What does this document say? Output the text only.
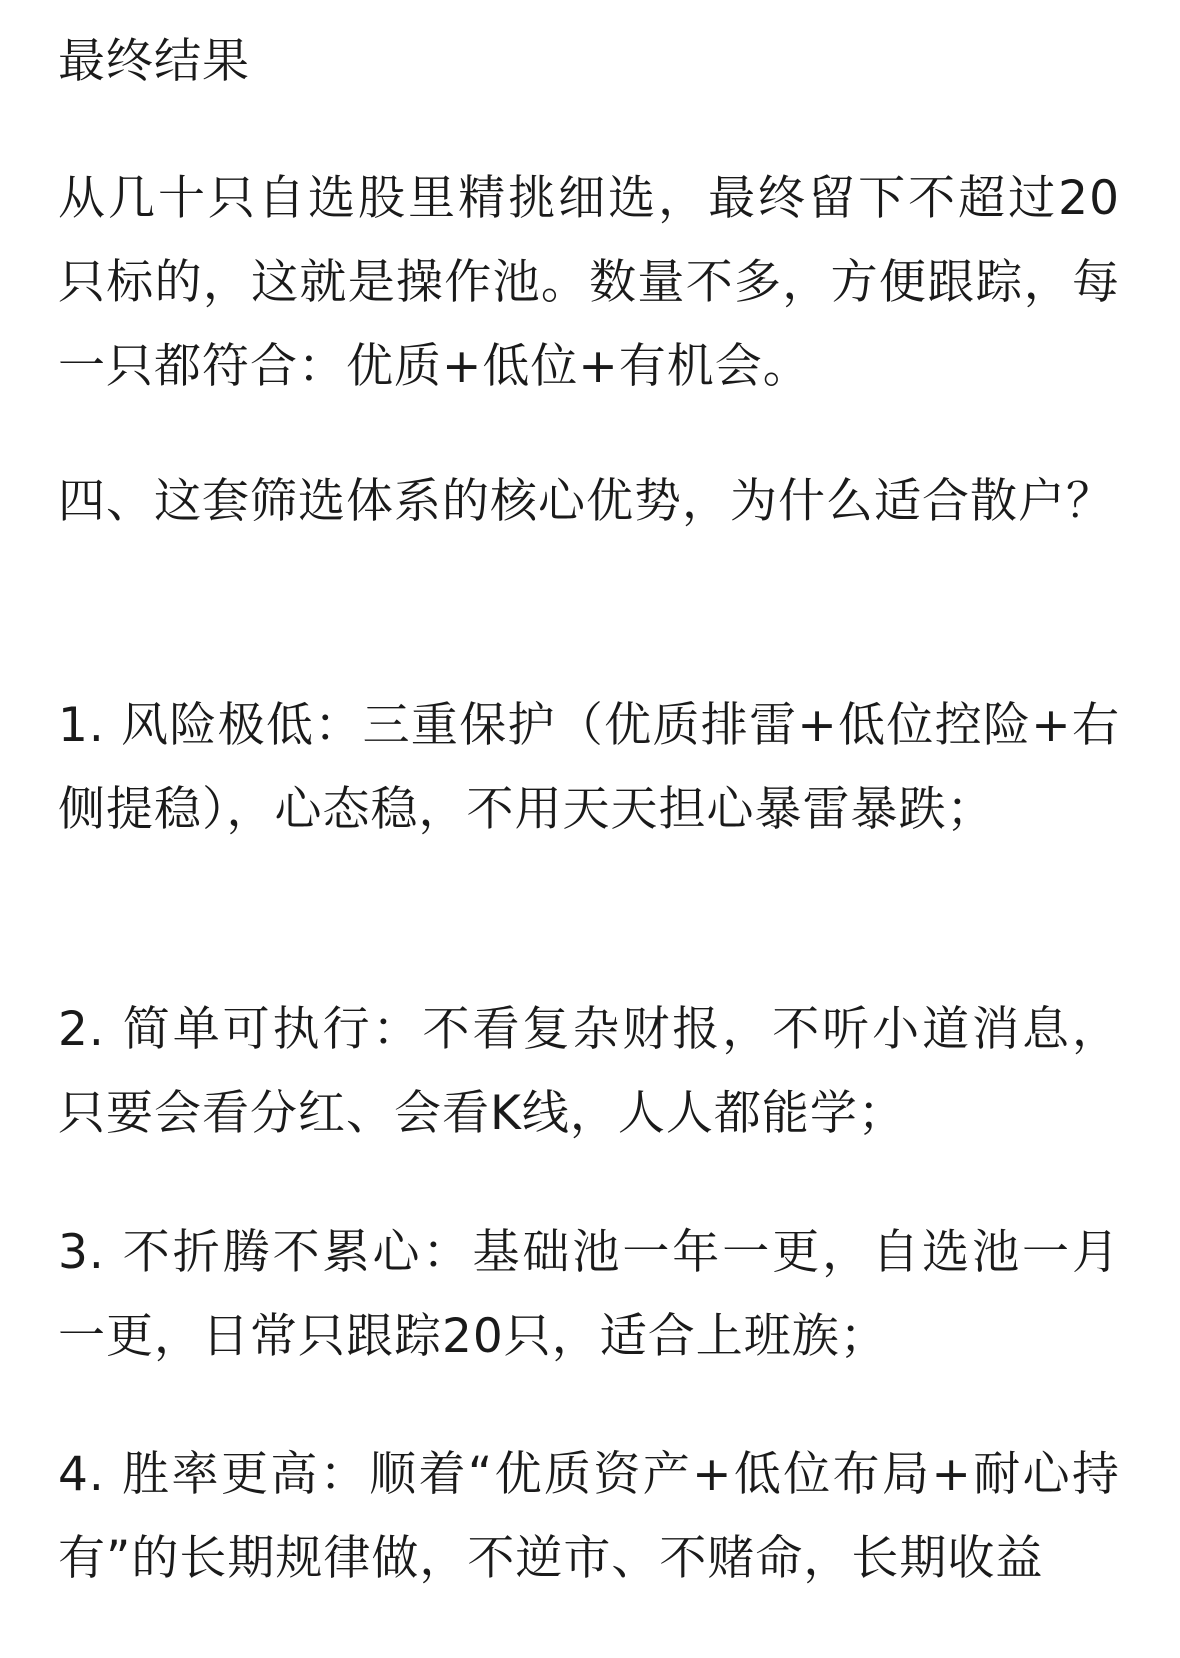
最终结果

从几十只自选股里精挑细选，最终留下不超过20只标的，这就是操作池。数量不多，方便跟踪，每一只都符合：优质+低位+有机会。

四、这套筛选体系的核心优势，为什么适合散户？

1. 风险极低：三重保护（优质排雷+低位控险+右侧提稳），心态稳，不用天天担心暴雷暴跌；

2. 简单可执行：不看复杂财报，不听小道消息，只要会看分红、会看K线，人人都能学；

3. 不折腾不累心：基础池一年一更，自选池一月一更，日常只跟踪20只，适合上班族；

4. 胜率更高：顺着“优质资产+低位布局+耐心持有”的长期规律做，不逆市、不赌命，长期收益
